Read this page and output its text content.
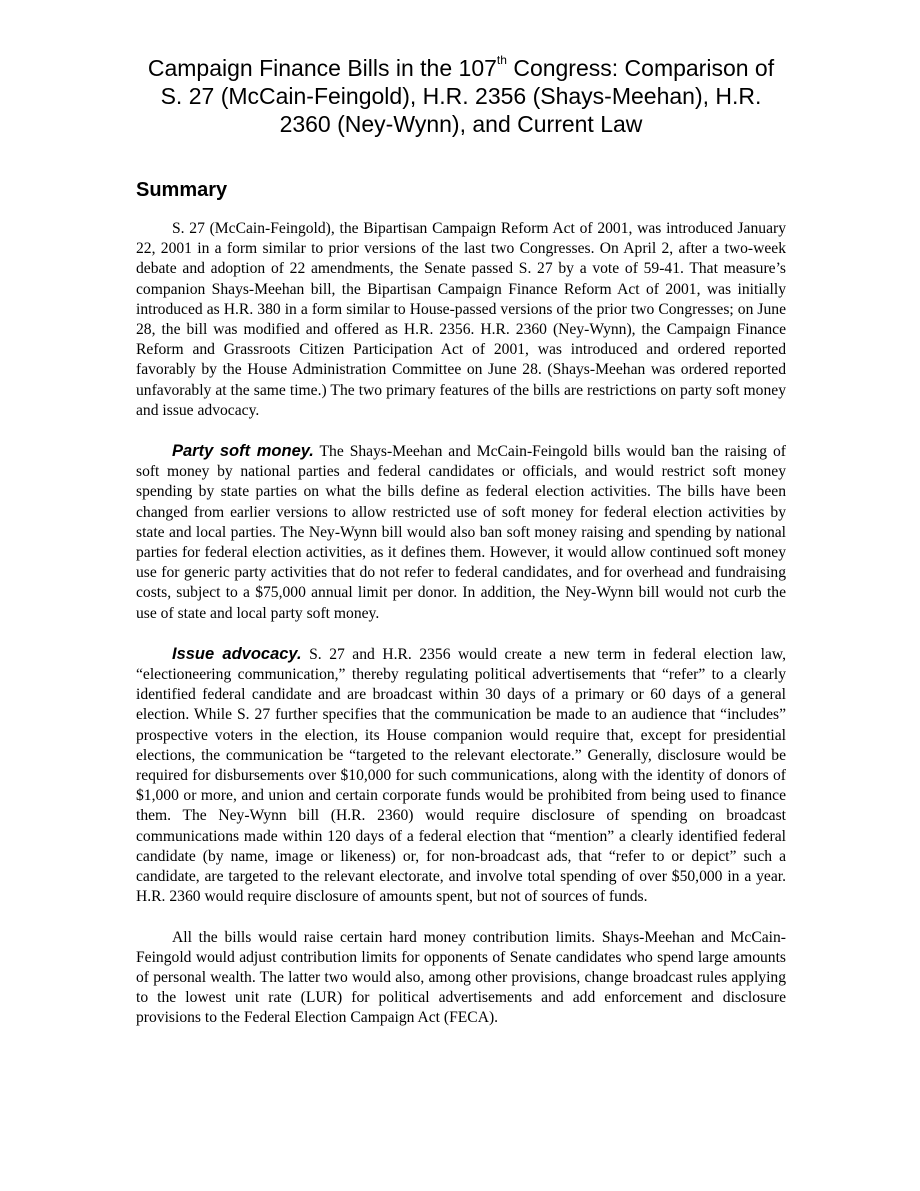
Campaign Finance Bills in the 107th Congress: Comparison of S. 27 (McCain-Feingold), H.R. 2356 (Shays-Meehan), H.R. 2360 (Ney-Wynn), and Current Law
Summary

S. 27 (McCain-Feingold), the Bipartisan Campaign Reform Act of 2001, was introduced January 22, 2001 in a form similar to prior versions of the last two Congresses. On April 2, after a two-week debate and adoption of 22 amendments, the Senate passed S. 27 by a vote of 59-41. That measure’s companion Shays-Meehan bill, the Bipartisan Campaign Finance Reform Act of 2001, was initially introduced as H.R. 380 in a form similar to House-passed versions of the prior two Congresses; on June 28, the bill was modified and offered as H.R. 2356. H.R. 2360 (Ney-Wynn), the Campaign Finance Reform and Grassroots Citizen Participation Act of 2001, was introduced and ordered reported favorably by the House Administration Committee on June 28. (Shays-Meehan was ordered reported unfavorably at the same time.) The two primary features of the bills are restrictions on party soft money and issue advocacy.

Party soft money. The Shays-Meehan and McCain-Feingold bills would ban the raising of soft money by national parties and federal candidates or officials, and would restrict soft money spending by state parties on what the bills define as federal election activities. The bills have been changed from earlier versions to allow restricted use of soft money for federal election activities by state and local parties. The Ney-Wynn bill would also ban soft money raising and spending by national parties for federal election activities, as it defines them. However, it would allow continued soft money use for generic party activities that do not refer to federal candidates, and for overhead and fundraising costs, subject to a $75,000 annual limit per donor. In addition, the Ney-Wynn bill would not curb the use of state and local party soft money.

Issue advocacy. S. 27 and H.R. 2356 would create a new term in federal election law, “electioneering communication,” thereby regulating political advertisements that “refer” to a clearly identified federal candidate and are broadcast within 30 days of a primary or 60 days of a general election. While S. 27 further specifies that the communication be made to an audience that “includes” prospective voters in the election, its House companion would require that, except for presidential elections, the communication be “targeted to the relevant electorate.” Generally, disclosure would be required for disbursements over $10,000 for such communications, along with the identity of donors of $1,000 or more, and union and certain corporate funds would be prohibited from being used to finance them. The Ney-Wynn bill (H.R. 2360) would require disclosure of spending on broadcast communications made within 120 days of a federal election that “mention” a clearly identified federal candidate (by name, image or likeness) or, for non-broadcast ads, that “refer to or depict” such a candidate, are targeted to the relevant electorate, and involve total spending of over $50,000 in a year. H.R. 2360 would require disclosure of amounts spent, but not of sources of funds.

All the bills would raise certain hard money contribution limits. Shays-Meehan and McCain-Feingold would adjust contribution limits for opponents of Senate candidates who spend large amounts of personal wealth. The latter two would also, among other provisions, change broadcast rules applying to the lowest unit rate (LUR) for political advertisements and add enforcement and disclosure provisions to the Federal Election Campaign Act (FECA).
